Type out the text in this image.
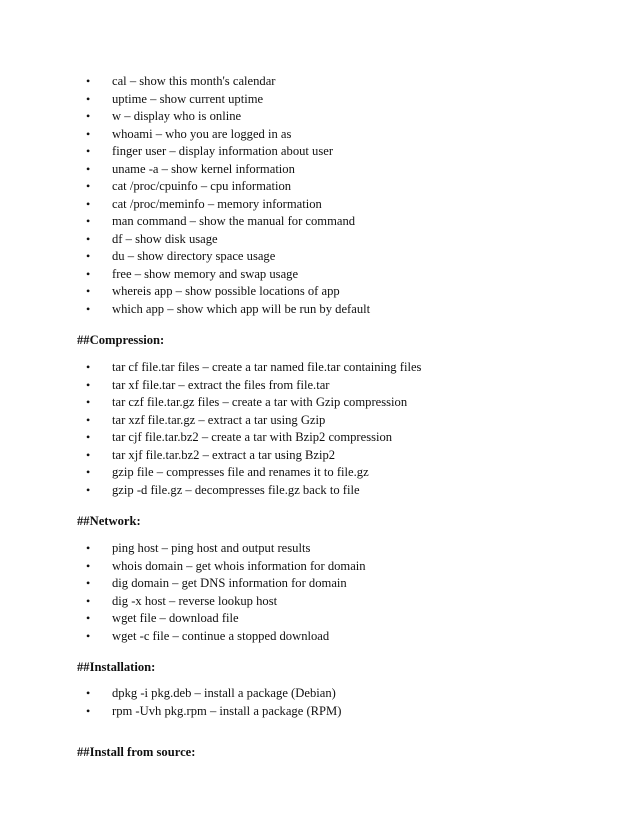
• cal – show this month's calendar
• uptime – show current uptime
• w – display who is online
• whoami – who you are logged in as
• finger user – display information about user
• uname -a – show kernel information
• cat /proc/cpuinfo – cpu information
• cat /proc/meminfo – memory information
• man command – show the manual for command
• df – show disk usage
• du – show directory space usage
• free – show memory and swap usage
• whereis app – show possible locations of app
• which app – show which app will be run by default
##Compression:
• tar cf file.tar files – create a tar named file.tar containing files
• tar xf file.tar – extract the files from file.tar
• tar czf file.tar.gz files – create a tar with Gzip compression
• tar xzf file.tar.gz – extract a tar using Gzip
• tar cjf file.tar.bz2 – create a tar with Bzip2 compression
• tar xjf file.tar.bz2 – extract a tar using Bzip2
• gzip file – compresses file and renames it to file.gz
• gzip -d file.gz – decompresses file.gz back to file
##Network:
• ping host – ping host and output results
• whois domain – get whois information for domain
• dig domain – get DNS information for domain
• dig -x host – reverse lookup host
• wget file – download file
• wget -c file – continue a stopped download
##Installation:
• dpkg -i pkg.deb – install a package (Debian)
• rpm -Uvh pkg.rpm – install a package (RPM)
##Install from source:
